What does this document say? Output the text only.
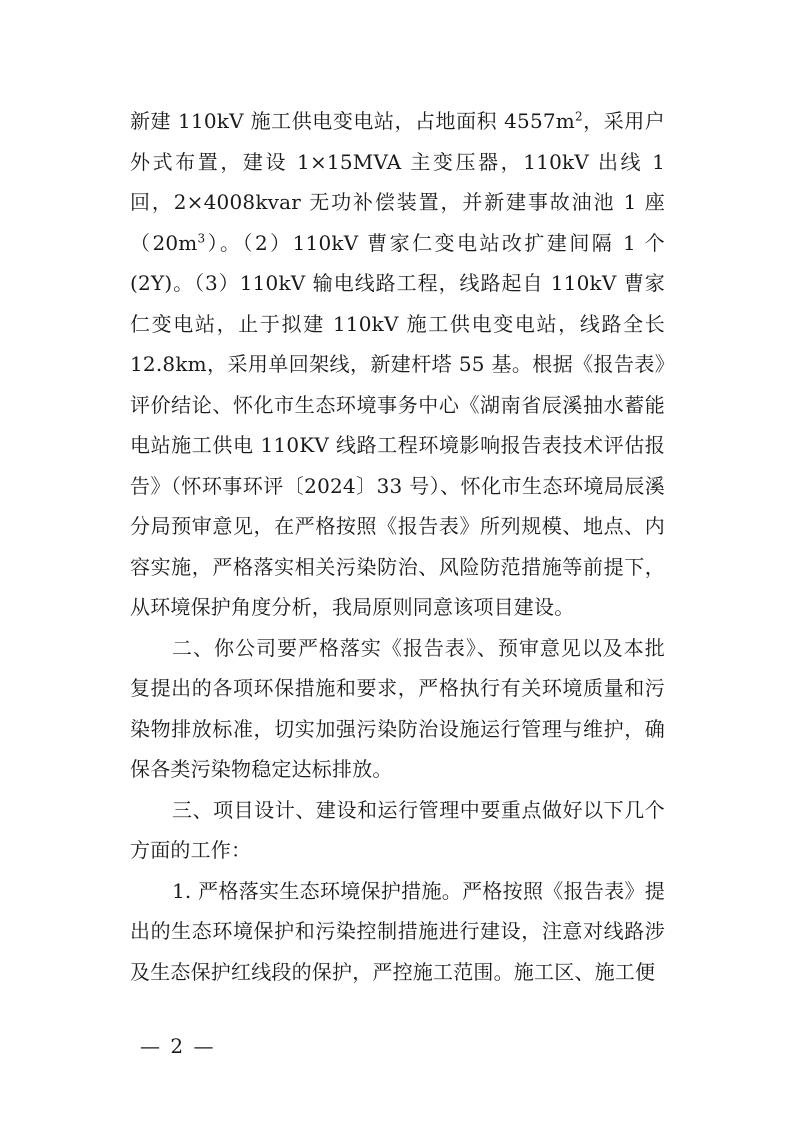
新建 110kV 施工供电变电站，占地面积 $4557m^2$，采用户外式布置，建设 1×15MVA 主变压器，110kV 出线 1 回，2×4008kvar 无功补偿装置，并新建事故油池 1 座$(20m^3)$。（2）110kV 曹家仁变电站改扩建间隔 1 个(2Y)。（3）110kV 输电线路工程，线路起自 110kV 曹家仁变电站，止于拟建 110kV 施工供电变电站，线路全长 12.8km，采用单回架线，新建杆塔 55 基。根据《报告表》评价结论、怀化市生态环境事务中心《湖南省辰溪抽水蓄能电站施工供电 110KV 线路工程环境影响报告表技术评估报告》（怀环事环评〔2024〕33 号）、怀化市生态环境局辰溪分局预审意见，在严格按照《报告表》所列规模、地点、内容实施，严格落实相关污染防治、风险防范措施等前提下，从环境保护角度分析，我局原则同意该项目建设。

二、你公司要严格落实《报告表》、预审意见以及本批复提出的各项环保措施和要求，严格执行有关环境质量和污染物排放标准，切实加强污染防治设施运行管理与维护，确保各类污染物稳定达标排放。

三、项目设计、建设和运行管理中要重点做好以下几个方面的工作：

1. 严格落实生态环境保护措施。严格按照《报告表》提出的生态环境保护和污染控制措施进行建设，注意对线路涉及生态保护红线段的保护，严控施工范围。施工区、施工便

— 2 —
